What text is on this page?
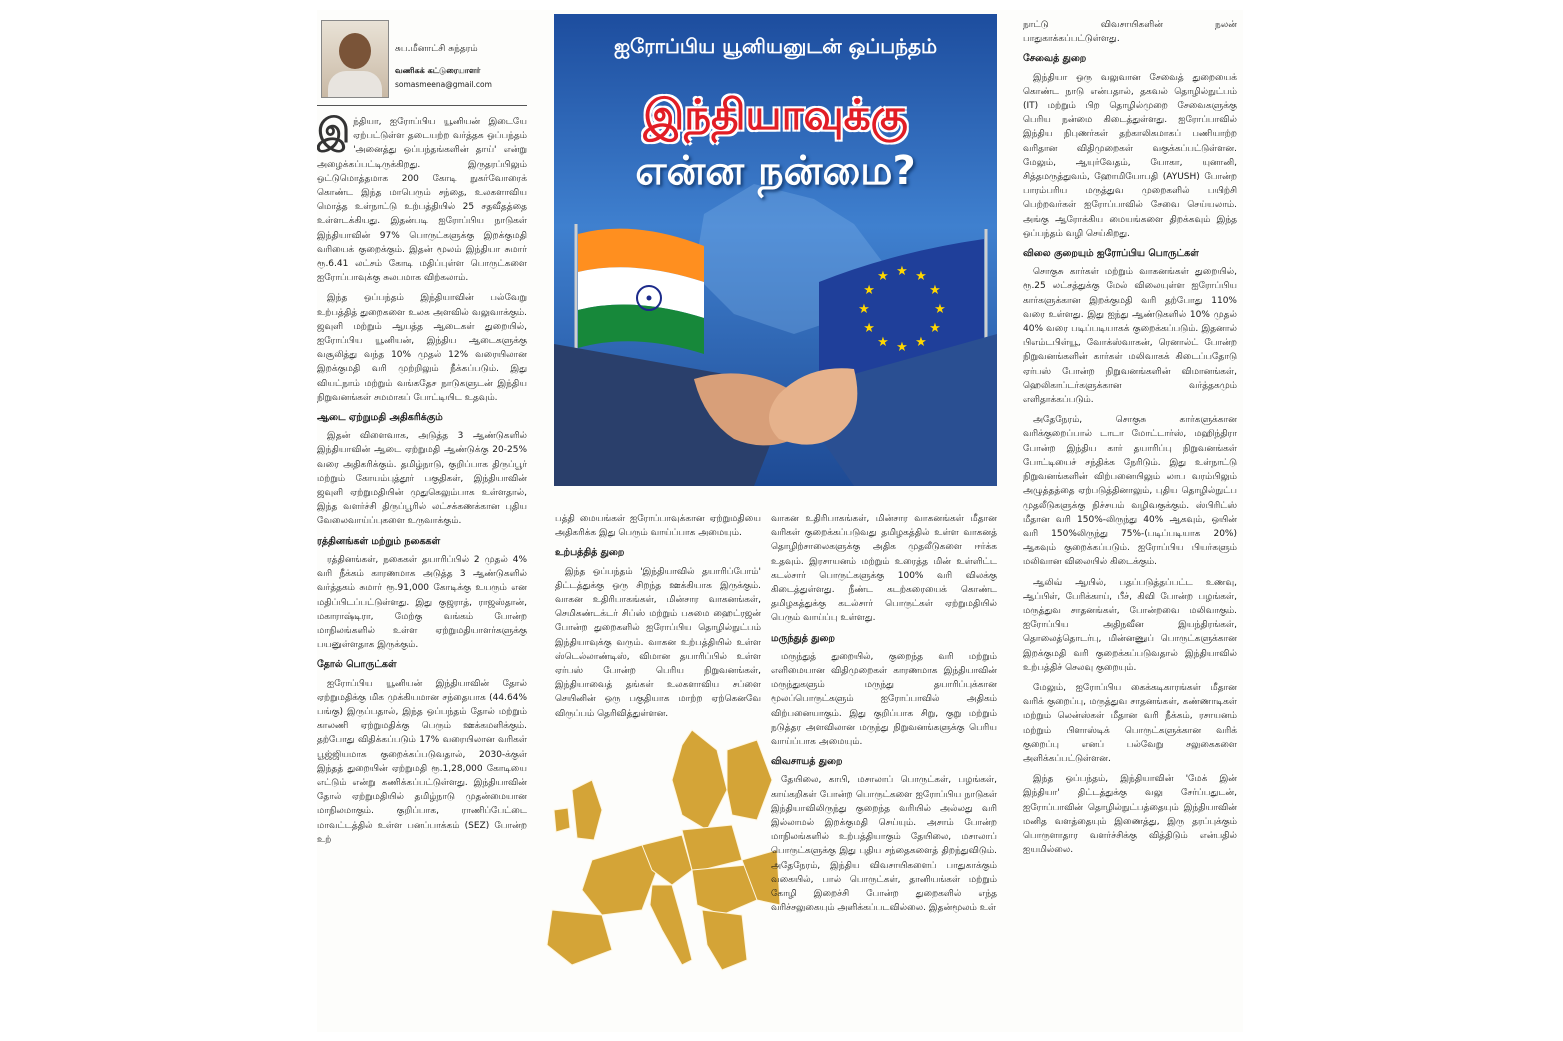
சுப.மீனாட்சி சுந்தரம்
வணிகக் கட்டுரையாளர்
somasmeena@gmail.com

இந்தியா, ஐரோப்பிய யூனியன் இடையே ஏற்பட்டுள்ள தடையற்ற வர்த்தக ஒப்பந்தம் 'அனைத்து ஒப்பந்தங்களின் தாய்' என்று அழைக்கப்பட்டிருக்கிறது. இருதரப்பிலும் ஒட்டுமொத்தமாக 200 கோடி நுகர்வோரைக் கொண்ட இந்த மாபெரும் சந்தை, உலகளாவிய மொத்த உள்நாட்டு உற்பத்தியில் 25 சதவீதத்தை உள்ளடக்கியது. இதன்படி ஐரோப்பிய நாடுகள் இந்தியாவின் 97% பொருட்களுக்கு இறக்குமதி வரியைக் குறைக்கும். இதன் மூலம் இந்தியா சுமார் ரூ.6.41 லட்சம் கோடி மதிப்புள்ள பொருட்களை ஐரோப்பாவுக்கு சுலபமாக விற்கலாம்.

இந்த ஒப்பந்தம் இந்தியாவின் பல்வேறு உற்பத்தித் துறைகளை உலக அளவில் வலுவாக்கும். ஜவுளி மற்றும் ஆயத்த ஆடைகள் துறையில், ஐரோப்பிய யூனியன், இந்திய ஆடைகளுக்கு வசூலித்து வந்த 10% முதல் 12% வரையிலான இறக்குமதி வரி முற்றிலும் நீக்கப்படும். இது வியட்நாம் மற்றும் வங்கதேச நாடுகளுடன் இந்திய நிறுவனங்கள் சமமாகப் போட்டியிட உதவும்.

ஆடை ஏற்றுமதி அதிகரிக்கும்

இதன் விளைவாக, அடுத்த 3 ஆண்டுகளில் இந்தியாவின் ஆடை ஏற்றுமதி ஆண்டுக்கு 20-25% வரை அதிகரிக்கும். தமிழ்நாடு, குறிப்பாக திருப்பூர் மற்றும் கோயம்புத்தூர் பகுதிகள், இந்தியாவின் ஜவுளி ஏற்றுமதியின் முதுகெலும்பாக உள்ளதால், இந்த வளர்ச்சி திருப்பூரில் லட்சக்கணக்கான புதிய வேலைவாய்ப்புகளை உருவாக்கும்.

ரத்தினங்கள் மற்றும் நகைகள்

ரத்தினங்கள், நகைகள் தயாரிப்பில் 2 முதல் 4% வரி நீக்கம் காரணமாக அடுத்த 3 ஆண்டுகளில் வர்த்தகம் சுமார் ரூ.91,000 கோடிக்கு உயரும் என மதிப்பிடப்பட்டுள்ளது. இது குஜராத், ராஜஸ்தான், மகாராஷ்டிரா, மேற்கு வங்கம் போன்ற மாநிலங்களில் உள்ள ஏற்றுமதியாளர்களுக்கு பயனுள்ளதாக இருக்கும்.

தோல் பொருட்கள்

ஐரோப்பிய யூனியன் இந்தியாவின் தோல் ஏற்றுமதிக்கு மிக முக்கியமான சந்தையாக (44.64% பங்கு) இருப்பதால், இந்த ஒப்பந்தம் தோல் மற்றும் காலணி ஏற்றுமதிக்கு பெரும் ஊக்கமளிக்கும். தற்போது விதிக்கப்படும் 17% வரையிலான வரிகள் பூஜ்ஜியமாக குறைக்கப்படுவதால், 2030-க்குள் இந்தத் துறையின் ஏற்றுமதி ரூ.1,28,000 கோடியை எட்டும் என்று கணிக்கப்பட்டுள்ளது. இந்தியாவின் தோல் ஏற்றுமதியில் தமிழ்நாடு முதன்மையான மாநிலமாகும். குறிப்பாக, ராணிப்பேட்டை மாவட்டத்தில் உள்ள பனப்பாக்கம் (SEZ) போன்ற உற்

★ ★
★
★
★
★
★
★
★
★
★
★
ஐரோப்பிய யூனியனுடன் ஒப்பந்தம்
இந்தியாவுக்கு
என்ன நன்மை?

பத்தி மையங்கள் ஐரோப்பாவுக்கான ஏற்றுமதியை அதிகரிக்க இது பெரும் வாய்ப்பாக அமையும்.

உற்பத்தித் துறை

இந்த ஒப்பந்தம் 'இந்தியாவில் தயாரிப்போம்' திட்டத்துக்கு ஒரு சிறந்த ஊக்கியாக இருக்கும். வாகன உதிரிபாகங்கள், மின்சார வாகனங்கள், செமிகண்டக்டர் சிப்ஸ் மற்றும் பசுமை ஹைட்ரஜன் போன்ற துறைகளில் ஐரோப்பிய தொழில்நுட்பம் இந்தியாவுக்கு வரும். வாகன உற்பத்தியில் உள்ள ஸ்டெல்லாண்டிஸ், விமான தயாரிப்பில் உள்ள ஏர்பஸ் போன்ற பெரிய நிறுவனங்கள், இந்தியாவைத் தங்கள் உலகளாவிய சப்ளை செயினின் ஒரு பகுதியாக மாற்ற ஏற்கெனவே விருப்பம் தெரிவித்துள்ளன.

வாகன உதிரிபாகங்கள், மின்சார வாகனங்கள் மீதான வரிகள் குறைக்கப்படுவது தமிழகத்தில் உள்ள வாகனத் தொழிற்சாலைகளுக்கு அதிக முதலீடுகளை ஈர்க்க உதவும். இரசாயனம் மற்றும் உரைத்த மின் உள்ளிட்ட கடல்சார் பொருட்களுக்கு 100% வரி விலக்கு கிடைத்துள்ளது. நீண்ட கடற்கரையைக் கொண்ட தமிழகத்துக்கு கடல்சார் பொருட்கள் ஏற்றுமதியில் பெரும் வாய்ப்பு உள்ளது.

மருந்துத் துறை

மருந்துத் துறையில், குறைந்த வரி மற்றும் எளிமையான விதிமுறைகள் காரணமாக இந்தியாவின் மருந்துகளும் மருந்து தயாரிப்புக்கான மூலப்பொருட்களும் ஐரோப்பாவில் அதிகம் விற்பனையாகும். இது குறிப்பாக சிறு, குறு மற்றும் நடுத்தர அளவிலான மருந்து நிறுவனங்களுக்கு பெரிய வாய்ப்பாக அமையும்.

விவசாயத் துறை

தேயிலை, காபி, மசாலாப் பொருட்கள், பழங்கள், காய்கறிகள் போன்ற பொருட்களை ஐரோப்பிய நாடுகள் இந்தியாவிலிருந்து குறைந்த வரியில் அல்லது வரி இல்லாமல் இறக்குமதி செய்யும். அசாம் போன்ற மாநிலங்களில் உற்பத்தியாகும் தேயிலை, மசாலாப் பொருட்களுக்கு இது புதிய சந்தைகளைத் திறந்துவிடும். அதேநேரம், இந்திய விவசாயிகளைப் பாதுகாக்கும் வகையில், பால் பொருட்கள், தானியங்கள் மற்றும் கோழி இறைச்சி போன்ற துறைகளில் எந்த வரிச்சலுகையும் அளிக்கப்படவில்லை. இதன்மூலம் உள்

நாட்டு விவசாயிகளின் நலன் பாதுகாக்கப்பட்டுள்ளது.

சேவைத் துறை

இந்தியா ஒரு வலுவான சேவைத் துறையைக் கொண்ட நாடு என்பதால், தகவல் தொழில்நுட்பம் (IT) மற்றும் பிற தொழில்முறை சேவைகளுக்கு பெரிய நன்மை கிடைத்துள்ளது. ஐரோப்பாவில் இந்திய நிபுணர்கள் தற்காலிகமாகப் பணியாற்ற வரிதான விதிமுறைகள் வகுக்கப்பட்டுள்ளன. மேலும், ஆயுர்வேதம், யோகா, யுனானி, சித்தமருத்துவம், ஹோமியோபதி (AYUSH) போன்ற பாரம்பரிய மருத்துவ முறைகளில் பயிற்சி பெற்றவர்கள் ஐரோப்பாவில் சேவை செய்யலாம். அங்கு ஆரோக்கிய மையங்களை திறக்கவும் இந்த ஒப்பந்தம் வழி செய்கிறது.

விலை குறையும் ஐரோப்பிய பொருட்கள்

சொகுசு கார்கள் மற்றும் வாகனங்கள் துறையில், ரூ.25 லட்சத்துக்கு மேல் விலையுள்ள ஐரோப்பிய கார்களுக்கான இறக்குமதி வரி தற்போது 110% வரை உள்ளது. இது ஐந்து ஆண்டுகளில் 10% முதல் 40% வரை படிப்படியாகக் குறைக்கப்படும். இதனால் பிஎம்டபிள்யூ, வோக்ஸ்வாகன், ரெனால்ட் போன்ற நிறுவனங்களின் கார்கள் மலிவாகக் கிடைப்பதோடு ஏர்பஸ் போன்ற நிறுவனங்களின் விமானங்கள், ஹெலிகாப்டர்களுக்கான வர்த்தகமும் எளிதாக்கப்படும்.

அதேநேரம், சொகுசு கார்களுக்கான வரிக்குறைப்பால் டாடா மோட்டார்ஸ், மஹிந்திரா போன்ற இந்திய கார் தயாரிப்பு நிறுவனங்கள் போட்டியைச் சந்திக்க நேரிடும். இது உள்நாட்டு நிறுவனங்களின் விற்பனையிலும் லாப வரம்பிலும் அழுத்தத்தை ஏற்படுத்தினாலும், புதிய தொழில்நுட்ப முதலீடுகளுக்கு நிச்சயம் வழிவகுக்கும். ஸ்பிரிட்ஸ் மீதான வரி 150%-லிருந்து 40% ஆகவும், ஒயின் வரி 150%லிருந்து 75%-(படிப்படியாக 20%) ஆகவும் குறைக்கப்படும். ஐரோப்பிய பியர்களும் மலிவான விலையில் கிடைக்கும்.

ஆலிவ் ஆயில், பதப்படுத்தப்பட்ட உணவு, ஆப்பிள், பேரிக்காய், பீச், கிவி போன்ற பழங்கள், மருத்துவ சாதனங்கள், போன்றவை மலிவாகும். ஐரோப்பிய அதிநவீன இயந்திரங்கள், தொலைத்தொடர்பு, மின்னணுப் பொருட்களுக்கான இறக்குமதி வரி குறைக்கப்படுவதால் இந்தியாவில் உற்பத்திச் செலவு குறையும்.

மேலும், ஐரோப்பிய கைக்கடிகாரங்கள் மீதான வரிக் குறைப்பு, மருத்துவ சாதனங்கள், கண்ணாடிகள் மற்றும் லென்ஸ்கள் மீதான வரி நீக்கம், ரசாயனம் மற்றும் பிளாஸ்டிக் பொருட்களுக்கான வரிக் குறைப்பு எனப் பல்வேறு சலுகைகளை அளிக்கப்பட்டுள்ளன.

இந்த ஒப்பந்தம், இந்தியாவின் 'மேக் இன் இந்தியா' திட்டத்துக்கு வலு சேர்ப்பதுடன், ஐரோப்பாவின் தொழில்நுட்பத்தையும் இந்தியாவின் மனித வளத்தையும் இணைத்து, இரு தரப்புக்கும் பொருளாதார வளர்ச்சிக்கு வித்திடும் என்பதில் ஐயமில்லை.
